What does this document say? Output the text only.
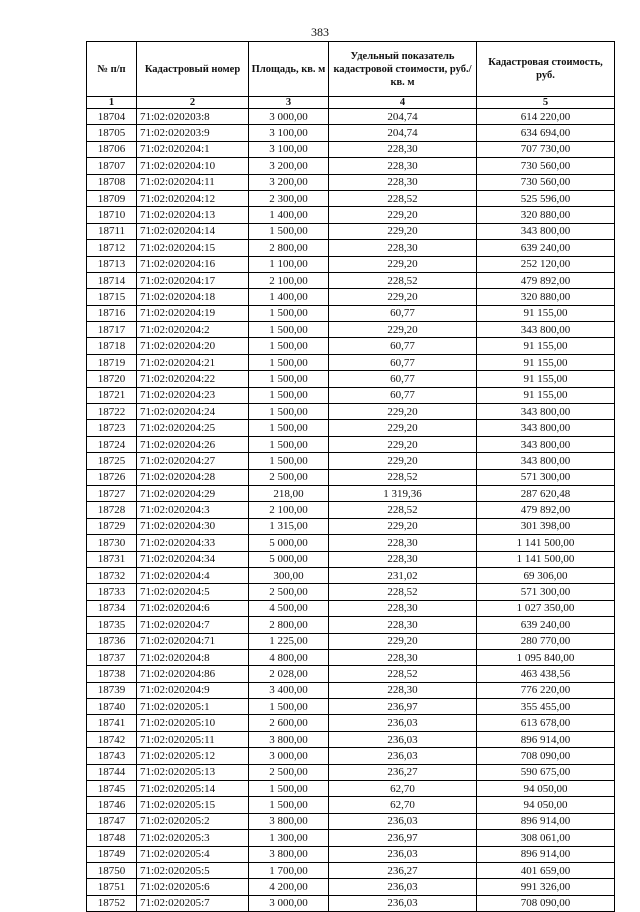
383
№ п/п	Кадастровый номер	Площадь, кв. м	Удельный показатель кадастровой стоимости, руб./кв. м	Кадастровая стоимость, руб.
1	2	3	4	5
18704	71:02:020203:8	3 000,00	204,74	614 220,00
18705	71:02:020203:9	3 100,00	204,74	634 694,00
18706	71:02:020204:1	3 100,00	228,30	707 730,00
18707	71:02:020204:10	3 200,00	228,30	730 560,00
18708	71:02:020204:11	3 200,00	228,30	730 560,00
18709	71:02:020204:12	2 300,00	228,52	525 596,00
18710	71:02:020204:13	1 400,00	229,20	320 880,00
18711	71:02:020204:14	1 500,00	229,20	343 800,00
18712	71:02:020204:15	2 800,00	228,30	639 240,00
18713	71:02:020204:16	1 100,00	229,20	252 120,00
18714	71:02:020204:17	2 100,00	228,52	479 892,00
18715	71:02:020204:18	1 400,00	229,20	320 880,00
18716	71:02:020204:19	1 500,00	60,77	91 155,00
18717	71:02:020204:2	1 500,00	229,20	343 800,00
18718	71:02:020204:20	1 500,00	60,77	91 155,00
18719	71:02:020204:21	1 500,00	60,77	91 155,00
18720	71:02:020204:22	1 500,00	60,77	91 155,00
18721	71:02:020204:23	1 500,00	60,77	91 155,00
18722	71:02:020204:24	1 500,00	229,20	343 800,00
18723	71:02:020204:25	1 500,00	229,20	343 800,00
18724	71:02:020204:26	1 500,00	229,20	343 800,00
18725	71:02:020204:27	1 500,00	229,20	343 800,00
18726	71:02:020204:28	2 500,00	228,52	571 300,00
18727	71:02:020204:29	218,00	1 319,36	287 620,48
18728	71:02:020204:3	2 100,00	228,52	479 892,00
18729	71:02:020204:30	1 315,00	229,20	301 398,00
18730	71:02:020204:33	5 000,00	228,30	1 141 500,00
18731	71:02:020204:34	5 000,00	228,30	1 141 500,00
18732	71:02:020204:4	300,00	231,02	69 306,00
18733	71:02:020204:5	2 500,00	228,52	571 300,00
18734	71:02:020204:6	4 500,00	228,30	1 027 350,00
18735	71:02:020204:7	2 800,00	228,30	639 240,00
18736	71:02:020204:71	1 225,00	229,20	280 770,00
18737	71:02:020204:8	4 800,00	228,30	1 095 840,00
18738	71:02:020204:86	2 028,00	228,52	463 438,56
18739	71:02:020204:9	3 400,00	228,30	776 220,00
18740	71:02:020205:1	1 500,00	236,97	355 455,00
18741	71:02:020205:10	2 600,00	236,03	613 678,00
18742	71:02:020205:11	3 800,00	236,03	896 914,00
18743	71:02:020205:12	3 000,00	236,03	708 090,00
18744	71:02:020205:13	2 500,00	236,27	590 675,00
18745	71:02:020205:14	1 500,00	62,70	94 050,00
18746	71:02:020205:15	1 500,00	62,70	94 050,00
18747	71:02:020205:2	3 800,00	236,03	896 914,00
18748	71:02:020205:3	1 300,00	236,97	308 061,00
18749	71:02:020205:4	3 800,00	236,03	896 914,00
18750	71:02:020205:5	1 700,00	236,27	401 659,00
18751	71:02:020205:6	4 200,00	236,03	991 326,00
18752	71:02:020205:7	3 000,00	236,03	708 090,00
